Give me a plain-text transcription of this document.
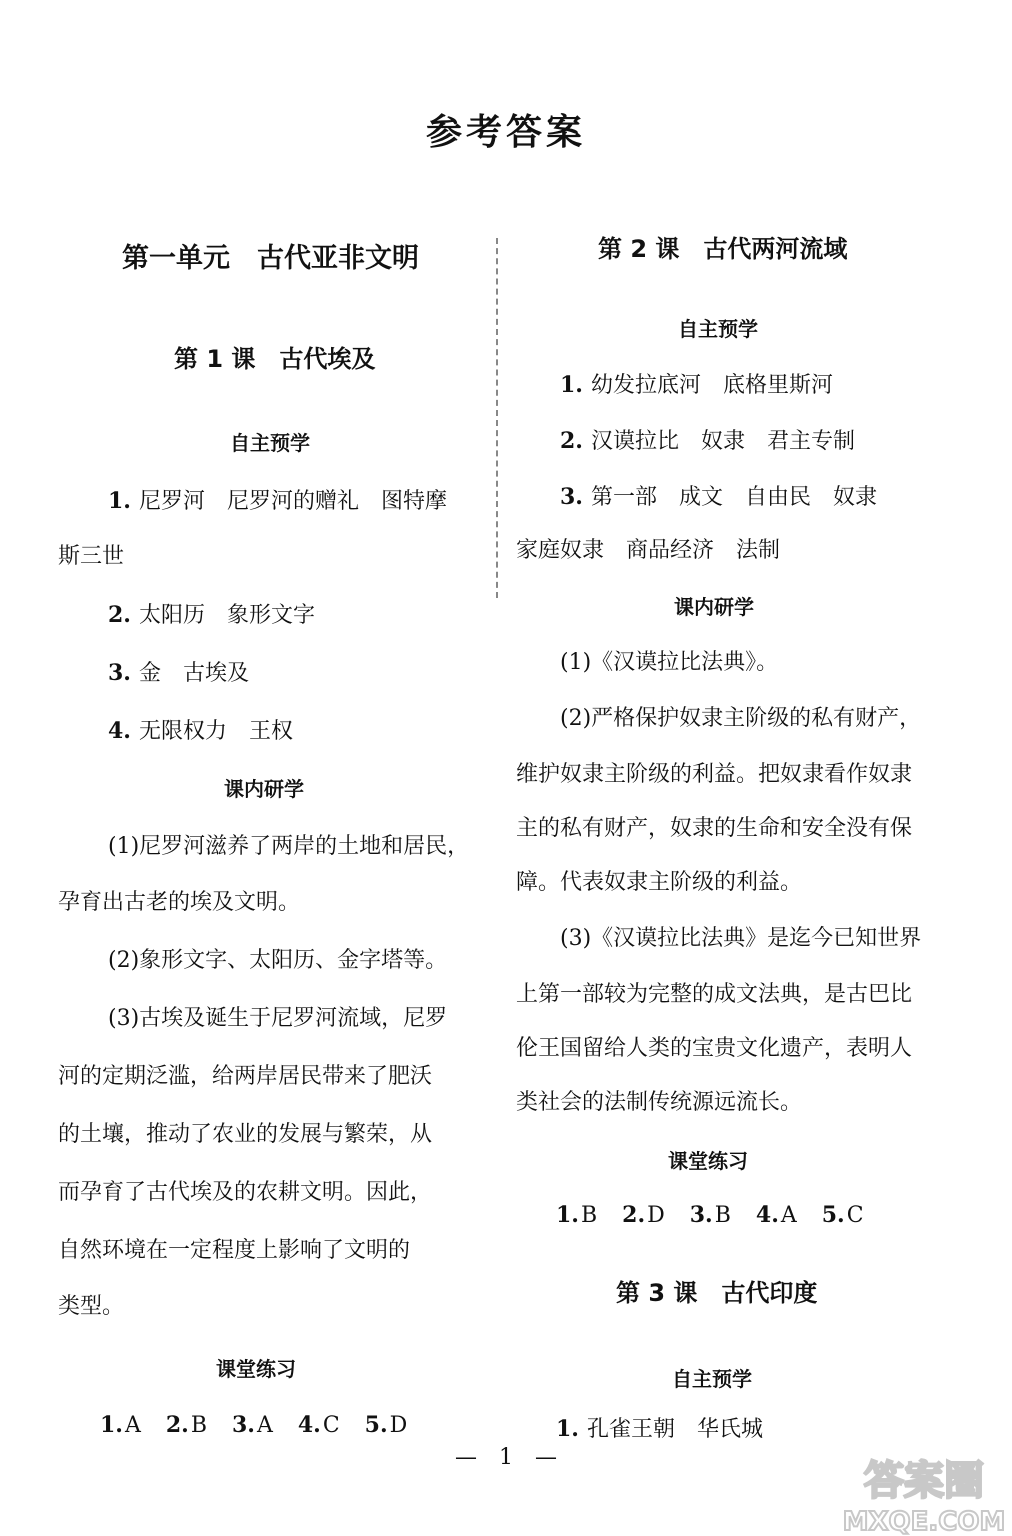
参考答案
第一单元　古代亚非文明
第 1 课　古代埃及
自主预学
1. 尼罗河　尼罗河的赠礼　图特摩
斯三世
2. 太阳历　象形文字
3. 金　古埃及
4. 无限权力　王权
课内研学
(1)尼罗河滋养了两岸的土地和居民，
孕育出古老的埃及文明。
(2)象形文字、太阳历、金字塔等。
(3)古埃及诞生于尼罗河流域，尼罗
河的定期泛滥，给两岸居民带来了肥沃
的土壤，推动了农业的发展与繁荣，从
而孕育了古代埃及的农耕文明。因此，
自然环境在一定程度上影响了文明的
类型。
课堂练习
1.A 2.B 3.A 4.C 5.D
第 2 课　古代两河流域
自主预学
1. 幼发拉底河　底格里斯河
2. 汉谟拉比　奴隶　君主专制
3. 第一部　成文　自由民　奴隶
家庭奴隶　商品经济　法制
课内研学
(1)《汉谟拉比法典》。
(2)严格保护奴隶主阶级的私有财产，
维护奴隶主阶级的利益。把奴隶看作奴隶
主的私有财产，奴隶的生命和安全没有保
障。代表奴隶主阶级的利益。
(3)《汉谟拉比法典》是迄今已知世界
上第一部较为完整的成文法典，是古巴比
伦王国留给人类的宝贵文化遗产，表明人
类社会的法制传统源远流长。
课堂练习
1.B 2.D 3.B 4.A 5.C
第 3 课　古代印度
自主预学
1. 孔雀王朝　华氏城
—　1　—
答案圈
MXQE.COM
